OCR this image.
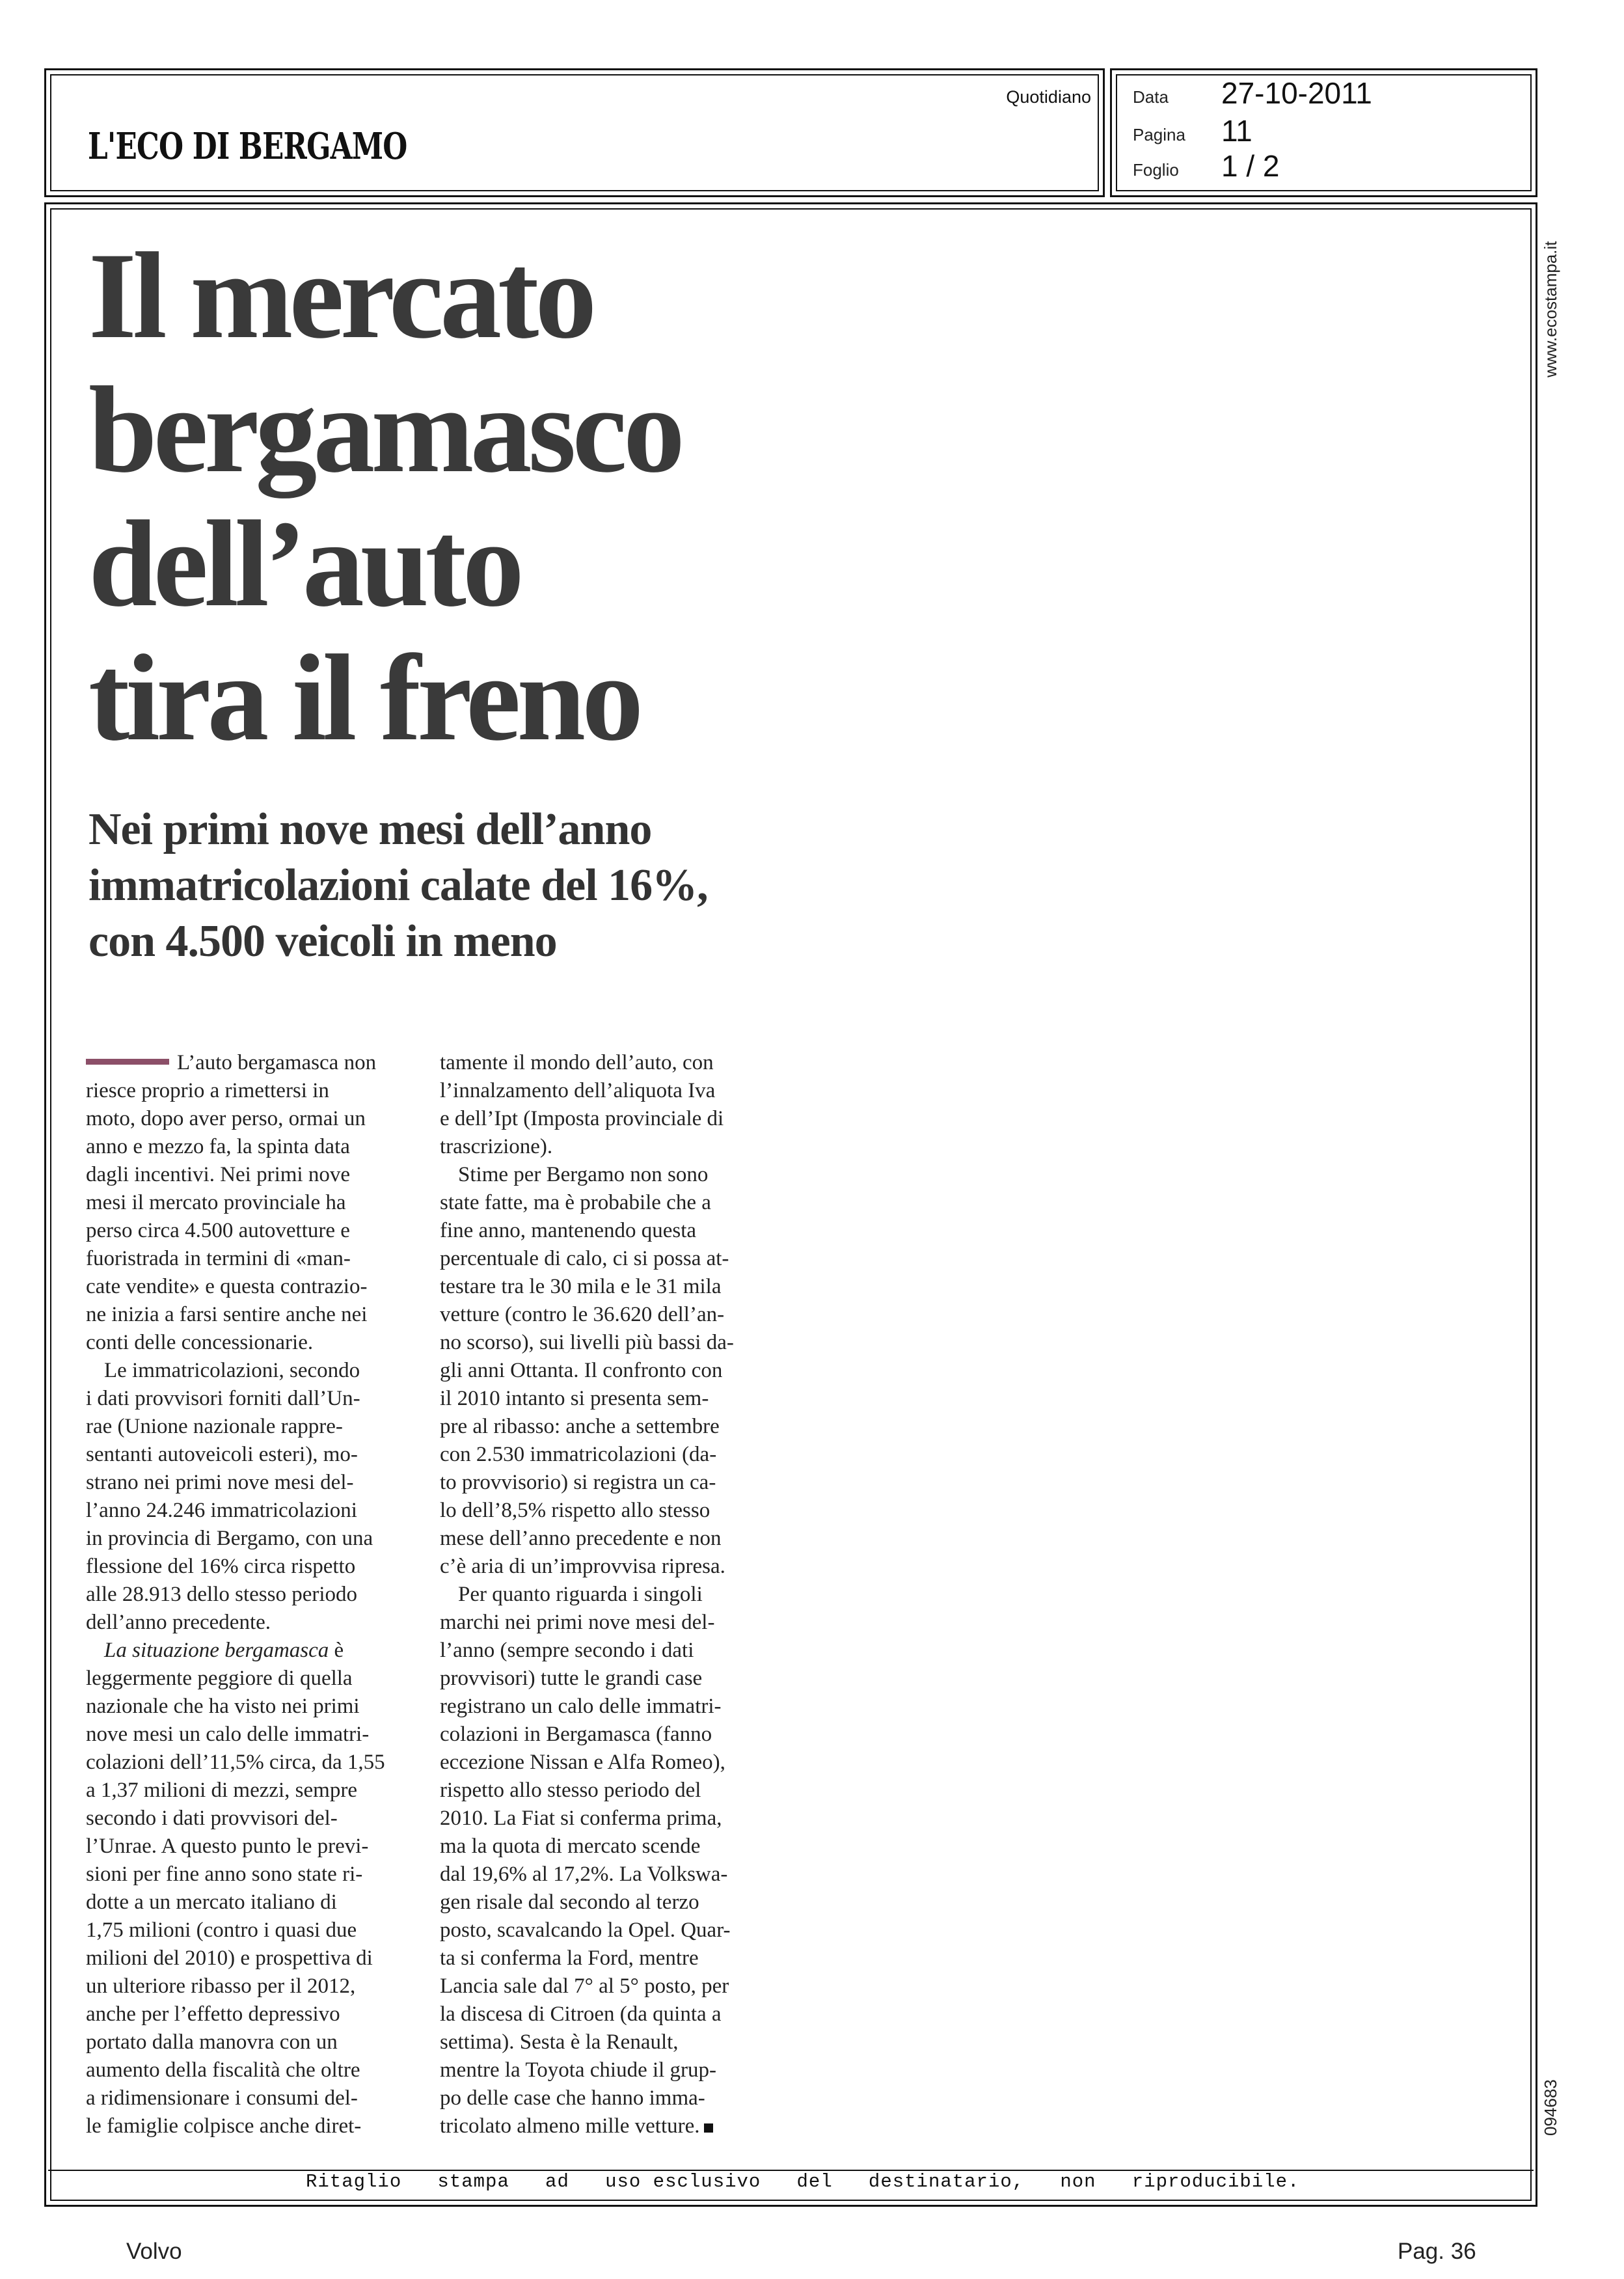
L'ECO DI BERGAMO
Quotidiano Data 27-10-2011
Pagina 11
Foglio 1 / 2
Il mercato
bergamasco
dell’auto
tira il freno
Nei primi nove mesi dell’anno
immatricolazioni calate del 16%,
con 4.500 veicoli in meno
L’auto bergamasca non
riesce proprio a rimettersi in
moto, dopo aver perso, ormai un
anno e mezzo fa, la spinta data
dagli incentivi. Nei primi nove
mesi il mercato provinciale ha
perso circa 4.500 autovetture e
fuoristrada in termini di «man-
cate vendite» e questa contrazio-
ne inizia a farsi sentire anche nei
conti delle concessionarie.
Le immatricolazioni, secondo
i dati provvisori forniti dall’Un-
rae (Unione nazionale rappre-
sentanti autoveicoli esteri), mo-
strano nei primi nove mesi del-
l’anno 24.246 immatricolazioni
in provincia di Bergamo, con una
flessione del 16% circa rispetto
alle 28.913 dello stesso periodo
dell’anno precedente.
La situazione bergamasca è
leggermente peggiore di quella
nazionale che ha visto nei primi
nove mesi un calo delle immatri-
colazioni dell’11,5% circa, da 1,55
a 1,37 milioni di mezzi, sempre
secondo i dati provvisori del-
l’Unrae. A questo punto le previ-
sioni per fine anno sono state ri-
dotte a un mercato italiano di
1,75 milioni (contro i quasi due
milioni del 2010) e prospettiva di
un ulteriore ribasso per il 2012,
anche per l’effetto depressivo
portato dalla manovra con un
aumento della fiscalità che oltre
a ridimensionare i consumi del-
le famiglie colpisce anche diret-
tamente il mondo dell’auto, con
l’innalzamento dell’aliquota Iva
e dell’Ipt (Imposta provinciale di
trascrizione).
Stime per Bergamo non sono
state fatte, ma è probabile che a
fine anno, mantenendo questa
percentuale di calo, ci si possa at-
testare tra le 30 mila e le 31 mila
vetture (contro le 36.620 dell’an-
no scorso), sui livelli più bassi da-
gli anni Ottanta. Il confronto con
il 2010 intanto si presenta sem-
pre al ribasso: anche a settembre
con 2.530 immatricolazioni (da-
to provvisorio) si registra un ca-
lo dell’8,5% rispetto allo stesso
mese dell’anno precedente e non
c’è aria di un’improvvisa ripresa.
Per quanto riguarda i singoli
marchi nei primi nove mesi del-
l’anno (sempre secondo i dati
provvisori) tutte le grandi case
registrano un calo delle immatri-
colazioni in Bergamasca (fanno
eccezione Nissan e Alfa Romeo),
rispetto allo stesso periodo del
2010. La Fiat si conferma prima,
ma la quota di mercato scende
dal 19,6% al 17,2%. La Volkswa-
gen risale dal secondo al terzo
posto, scavalcando la Opel. Quar-
ta si conferma la Ford, mentre
Lancia sale dal 7° al 5° posto, per
la discesa di Citroen (da quinta a
settima). Sesta è la Renault,
mentre la Toyota chiude il grup-
po delle case che hanno imma-
tricolato almeno mille vetture.
www.ecostampa.it
094683
Ritaglio   stampa   ad   uso esclusivo   del   destinatario,   non   riproducibile.
Volvo	Pag. 36
